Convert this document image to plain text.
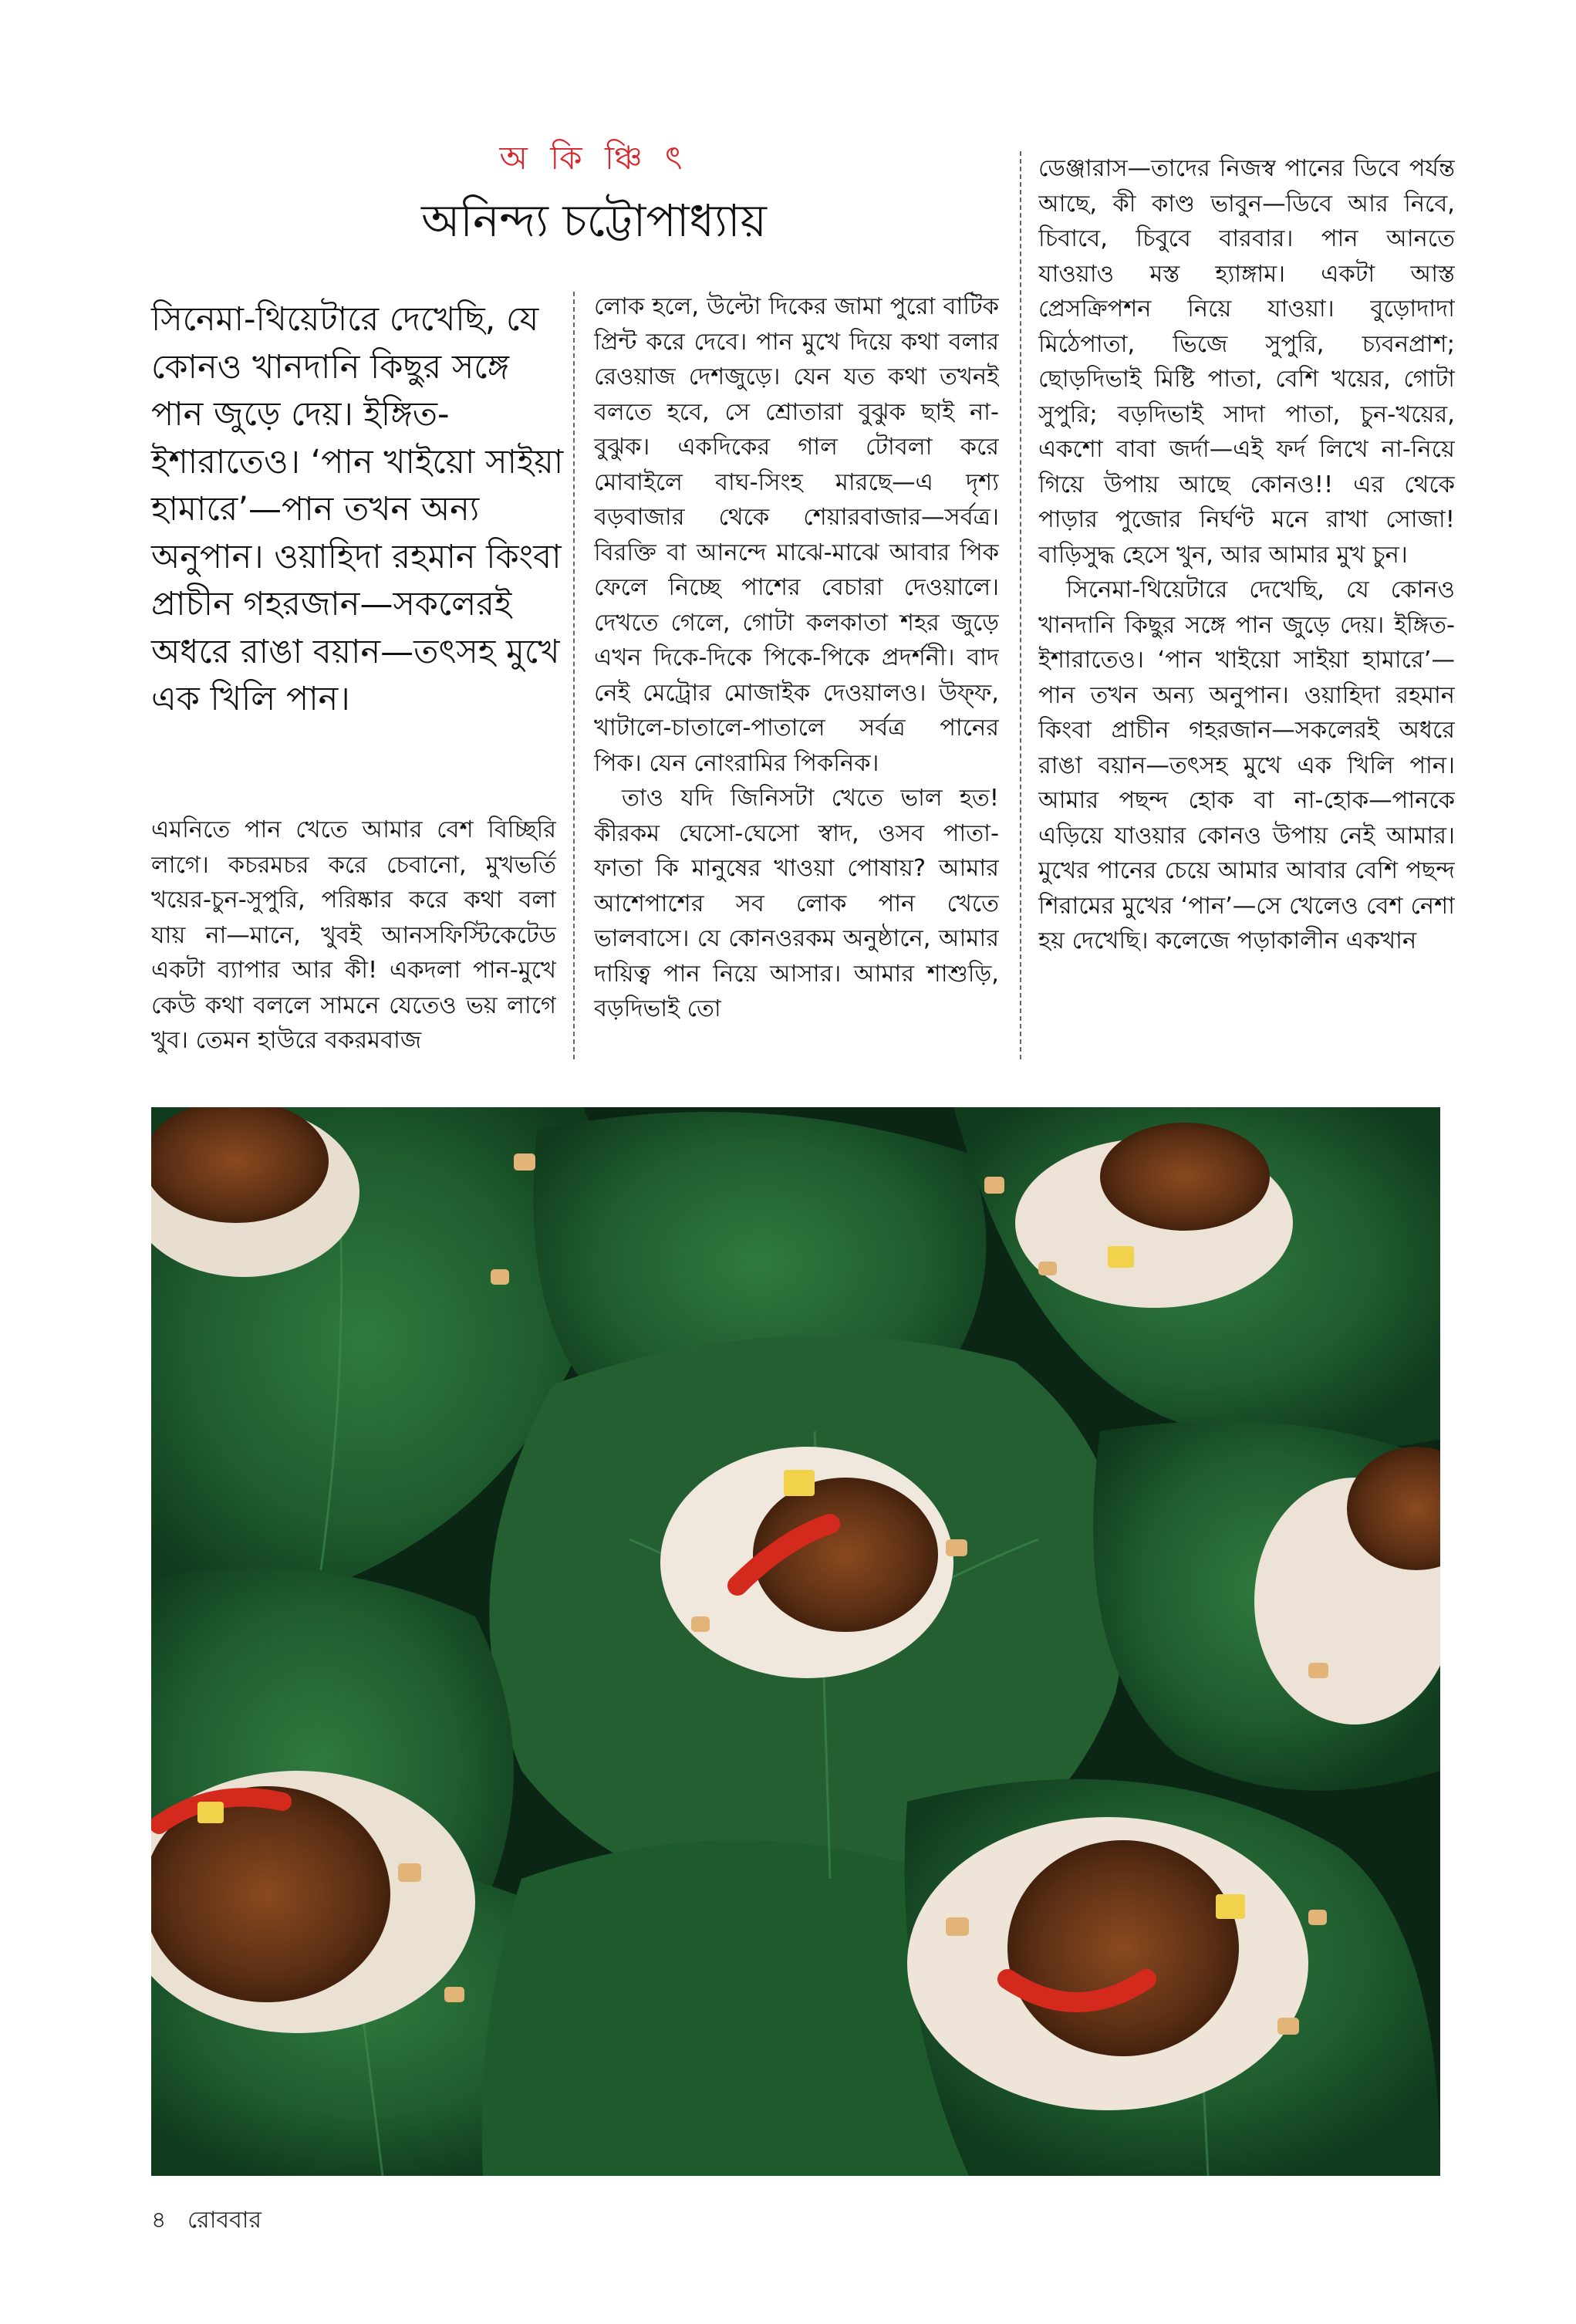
অ কি ঞ্চি ৎ
অনিন্দ্য চট্টোপাধ্যায়

সিনেমা-থিয়েটারে দেখেছি, যে কোনও খানদানি কিছুর সঙ্গে পান জুড়ে দেয়। ইঙ্গিত-ইশারাতেও। ‘পান খাইয়ো সাইয়া হামারে’—পান তখন অন্য অনুপান। ওয়াহিদা রহমান কিংবা প্রাচীন গহরজান—সকলেরই অধরে রাঙা বয়ান—তৎসহ মুখে এক খিলি পান।

এমনিতে পান খেতে আমার বেশ বিচ্ছিরি লাগে। কচরমচর করে চেবানো, মুখভর্তি খয়ের-চুন-সুপুরি, পরিষ্কার করে কথা বলা যায় না—মানে, খুবই আনসফিস্টিকেটেড একটা ব্যাপার আর কী! একদলা পান-মুখে কেউ কথা বললে সামনে যেতেও ভয় লাগে খুব। তেমন হাউরে বকরমবাজ

লোক হলে, উল্টো দিকের জামা পুরো বাটিক প্রিন্ট করে দেবে। পান মুখে দিয়ে কথা বলার রেওয়াজ দেশজুড়ে। যেন যত কথা তখনই বলতে হবে, সে শ্রোতারা বুঝুক ছাই না-বুঝুক। একদিকের গাল টোবলা করে মোবাইলে বাঘ-সিংহ মারছে—এ দৃশ্য বড়বাজার থেকে শেয়ারবাজার—সর্বত্র। বিরক্তি বা আনন্দে মাঝে-মাঝে আবার পিক ফেলে নিচ্ছে পাশের বেচারা দেওয়ালে। দেখতে গেলে, গোটা কলকাতা শহর জুড়ে এখন দিকে-দিকে পিকে-পিকে প্রদর্শনী। বাদ নেই মেট্রোর মোজাইক দেওয়ালও। উফ্ফ, খাটালে-চাতালে-পাতালে সর্বত্র পানের পিক। যেন নোংরামির পিকনিক।

তাও যদি জিনিসটা খেতে ভাল হত! কীরকম ঘেসো-ঘেসো স্বাদ, ওসব পাতা-ফাতা কি মানুষের খাওয়া পোষায়? আমার আশেপাশের সব লোক পান খেতে ভালবাসে। যে কোনওরকম অনুষ্ঠানে, আমার দায়িত্ব পান নিয়ে আসার। আমার শাশুড়ি, বড়দিভাই তো

ডেঞ্জারাস—তাদের নিজস্ব পানের ডিবে পর্যন্ত আছে, কী কাণ্ড ভাবুন—ডিবে আর নিবে, চিবাবে, চিবুবে বারবার। পান আনতে যাওয়াও মস্ত হ্যাঙ্গাম। একটা আস্ত প্রেসক্রিপশন নিয়ে যাওয়া। বুড়োদাদা মিঠেপাতা, ভিজে সুপুরি, চ্যবনপ্রাশ; ছোড়দিভাই মিষ্টি পাতা, বেশি খয়ের, গোটা সুপুরি; বড়দিভাই সাদা পাতা, চুন-খয়ের, একশো বাবা জর্দা—এই ফর্দ লিখে না-নিয়ে গিয়ে উপায় আছে কোনও!! এর থেকে পাড়ার পুজোর নির্ঘণ্ট মনে রাখা সোজা! বাড়িসুদ্ধ হেসে খুন, আর আমার মুখ চুন।

সিনেমা-থিয়েটারে দেখেছি, যে কোনও খানদানি কিছুর সঙ্গে পান জুড়ে দেয়। ইঙ্গিত-ইশারাতেও। ‘পান খাইয়ো সাইয়া হামারে’—পান তখন অন্য অনুপান। ওয়াহিদা রহমান কিংবা প্রাচীন গহরজান—সকলেরই অধরে রাঙা বয়ান—তৎসহ মুখে এক খিলি পান। আমার পছন্দ হোক বা না-হোক—পানকে এড়িয়ে যাওয়ার কোনও উপায় নেই আমার। মুখের পানের চেয়ে আমার আবার বেশি পছন্দ শিরামের মুখের ‘পান’—সে খেলেও বেশ নেশা হয় দেখেছি। কলেজে পড়াকালীন একখান

৪ রোববার
